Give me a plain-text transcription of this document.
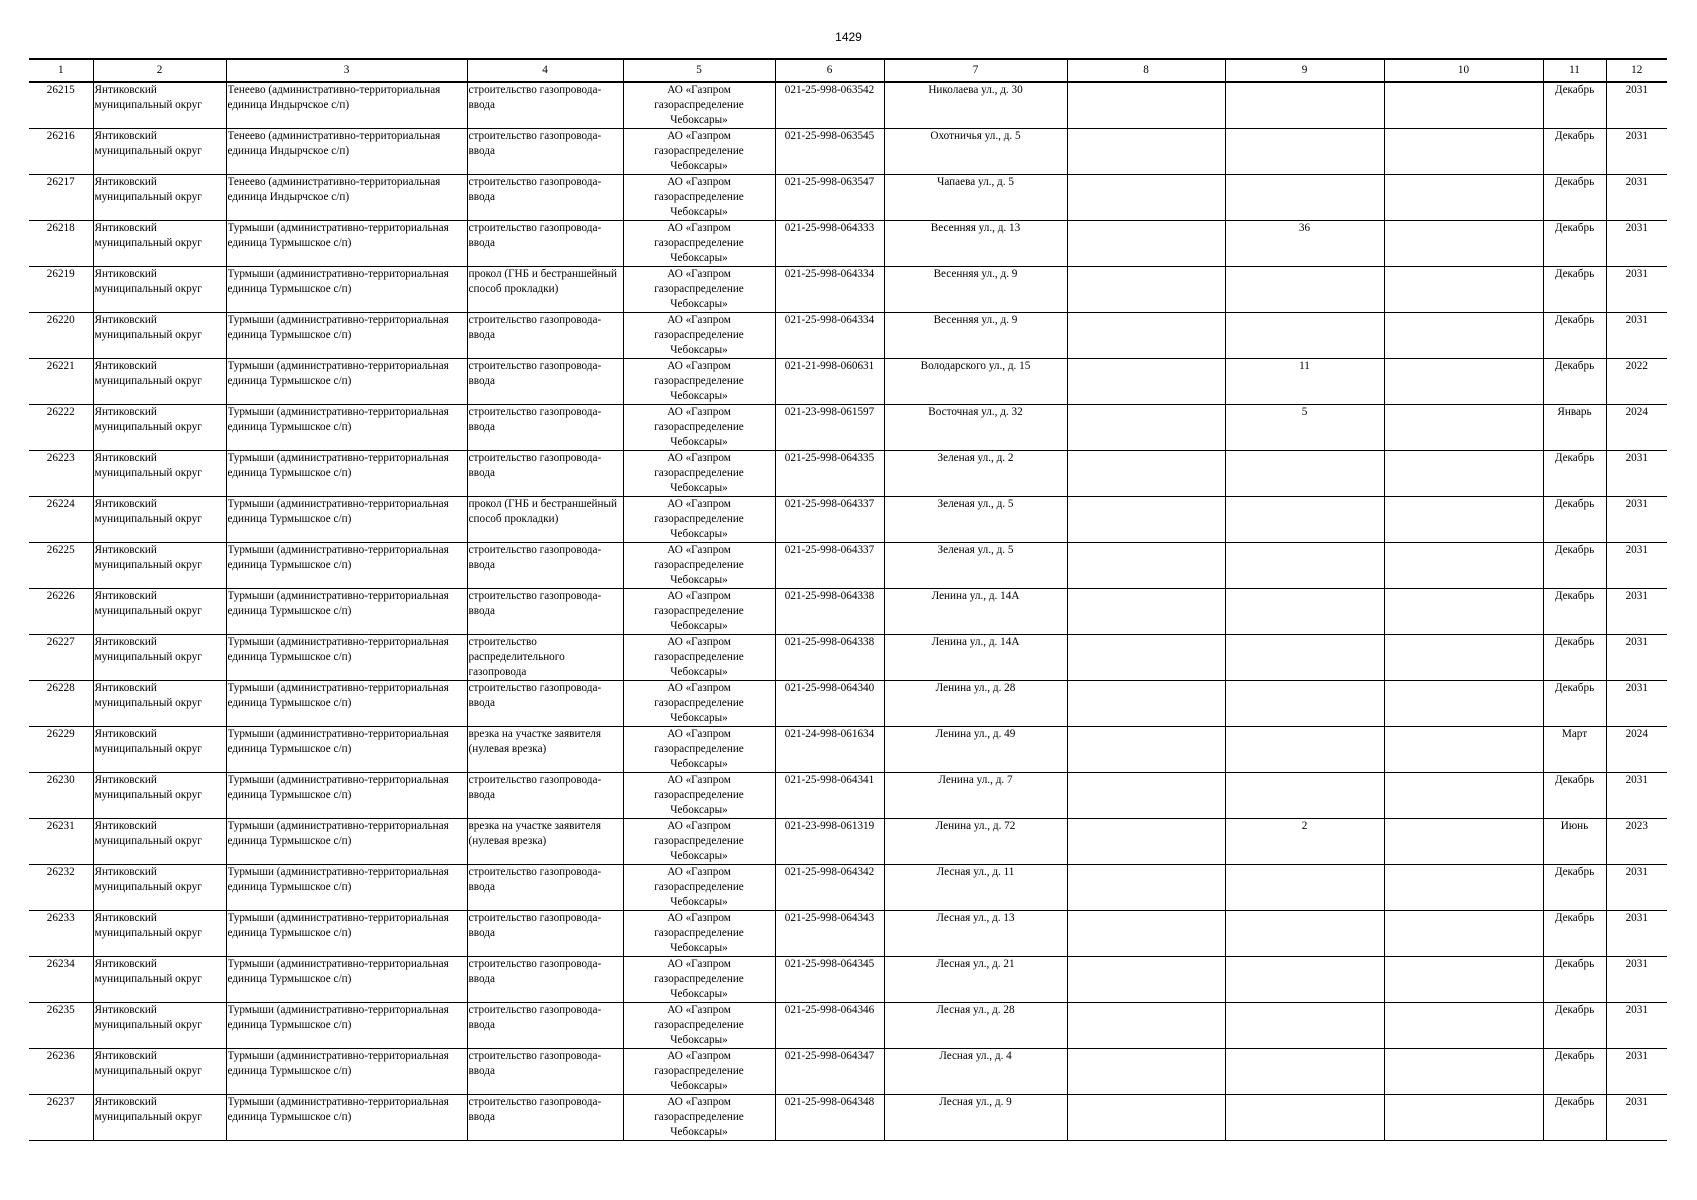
1429
1	2	3	4	5	6	7	8	9	10	11	12

26215	Янтиковский муниципальный округ	Тенеево (административно-территориальная единица Индырчское с/п)	строительство газопровода-ввода	АО «Газпром газораспределение Чебоксары»	021-25-998-063542	Николаева ул., д. 30				Декабрь	2031

26216	Янтиковский муниципальный округ	Тенеево (административно-территориальная единица Индырчское с/п)	строительство газопровода-ввода	АО «Газпром газораспределение Чебоксары»	021-25-998-063545	Охотничья ул., д. 5				Декабрь	2031

26217	Янтиковский муниципальный округ	Тенеево (административно-территориальная единица Индырчское с/п)	строительство газопровода-ввода	АО «Газпром газораспределение Чебоксары»	021-25-998-063547	Чапаева ул., д. 5				Декабрь	2031

26218	Янтиковский муниципальный округ	Турмыши (административно-территориальная единица Турмышское с/п)	строительство газопровода-ввода	АО «Газпром газораспределение Чебоксары»	021-25-998-064333	Весенняя ул., д. 13		36		Декабрь	2031

26219	Янтиковский муниципальный округ	Турмыши (административно-территориальная единица Турмышское с/п)	прокол (ГНБ и бестраншейный способ прокладки)	АО «Газпром газораспределение Чебоксары»	021-25-998-064334	Весенняя ул., д. 9				Декабрь	2031

26220	Янтиковский муниципальный округ	Турмыши (административно-территориальная единица Турмышское с/п)	строительство газопровода-ввода	АО «Газпром газораспределение Чебоксары»	021-25-998-064334	Весенняя ул., д. 9				Декабрь	2031

26221	Янтиковский муниципальный округ	Турмыши (административно-территориальная единица Турмышское с/п)	строительство газопровода-ввода	АО «Газпром газораспределение Чебоксары»	021-21-998-060631	Володарского ул., д. 15		11		Декабрь	2022

26222	Янтиковский муниципальный округ	Турмыши (административно-территориальная единица Турмышское с/п)	строительство газопровода-ввода	АО «Газпром газораспределение Чебоксары»	021-23-998-061597	Восточная ул., д. 32		5		Январь	2024

26223	Янтиковский муниципальный округ	Турмыши (административно-территориальная единица Турмышское с/п)	строительство газопровода-ввода	АО «Газпром газораспределение Чебоксары»	021-25-998-064335	Зеленая ул., д. 2				Декабрь	2031

26224	Янтиковский муниципальный округ	Турмыши (административно-территориальная единица Турмышское с/п)	прокол (ГНБ и бестраншейный способ прокладки)	АО «Газпром газораспределение Чебоксары»	021-25-998-064337	Зеленая ул., д. 5				Декабрь	2031

26225	Янтиковский муниципальный округ	Турмыши (административно-территориальная единица Турмышское с/п)	строительство газопровода-ввода	АО «Газпром газораспределение Чебоксары»	021-25-998-064337	Зеленая ул., д. 5				Декабрь	2031

26226	Янтиковский муниципальный округ	Турмыши (административно-территориальная единица Турмышское с/п)	строительство газопровода-ввода	АО «Газпром газораспределение Чебоксары»	021-25-998-064338	Ленина ул., д. 14А				Декабрь	2031

26227	Янтиковский муниципальный округ	Турмыши (административно-территориальная единица Турмышское с/п)	строительство распределительного газопровода	АО «Газпром газораспределение Чебоксары»	021-25-998-064338	Ленина ул., д. 14А				Декабрь	2031

26228	Янтиковский муниципальный округ	Турмыши (административно-территориальная единица Турмышское с/п)	строительство газопровода-ввода	АО «Газпром газораспределение Чебоксары»	021-25-998-064340	Ленина ул., д. 28				Декабрь	2031

26229	Янтиковский муниципальный округ	Турмыши (административно-территориальная единица Турмышское с/п)	врезка на участке заявителя (нулевая врезка)	АО «Газпром газораспределение Чебоксары»	021-24-998-061634	Ленина ул., д. 49				Март	2024

26230	Янтиковский муниципальный округ	Турмыши (административно-территориальная единица Турмышское с/п)	строительство газопровода-ввода	АО «Газпром газораспределение Чебоксары»	021-25-998-064341	Ленина ул., д. 7				Декабрь	2031

26231	Янтиковский муниципальный округ	Турмыши (административно-территориальная единица Турмышское с/п)	врезка на участке заявителя (нулевая врезка)	АО «Газпром газораспределение Чебоксары»	021-23-998-061319	Ленина ул., д. 72		2		Июнь	2023

26232	Янтиковский муниципальный округ	Турмыши (административно-территориальная единица Турмышское с/п)	строительство газопровода-ввода	АО «Газпром газораспределение Чебоксары»	021-25-998-064342	Лесная ул., д. 11				Декабрь	2031

26233	Янтиковский муниципальный округ	Турмыши (административно-территориальная единица Турмышское с/п)	строительство газопровода-ввода	АО «Газпром газораспределение Чебоксары»	021-25-998-064343	Лесная ул., д. 13				Декабрь	2031

26234	Янтиковский муниципальный округ	Турмыши (административно-территориальная единица Турмышское с/п)	строительство газопровода-ввода	АО «Газпром газораспределение Чебоксары»	021-25-998-064345	Лесная ул., д. 21				Декабрь	2031

26235	Янтиковский муниципальный округ	Турмыши (административно-территориальная единица Турмышское с/п)	строительство газопровода-ввода	АО «Газпром газораспределение Чебоксары»	021-25-998-064346	Лесная ул., д. 28				Декабрь	2031

26236	Янтиковский муниципальный округ	Турмыши (административно-территориальная единица Турмышское с/п)	строительство газопровода-ввода	АО «Газпром газораспределение Чебоксары»	021-25-998-064347	Лесная ул., д. 4				Декабрь	2031

26237	Янтиковский муниципальный округ	Турмыши (административно-территориальная единица Турмышское с/п)	строительство газопровода-ввода	АО «Газпром газораспределение Чебоксары»	021-25-998-064348	Лесная ул., д. 9				Декабрь	2031
